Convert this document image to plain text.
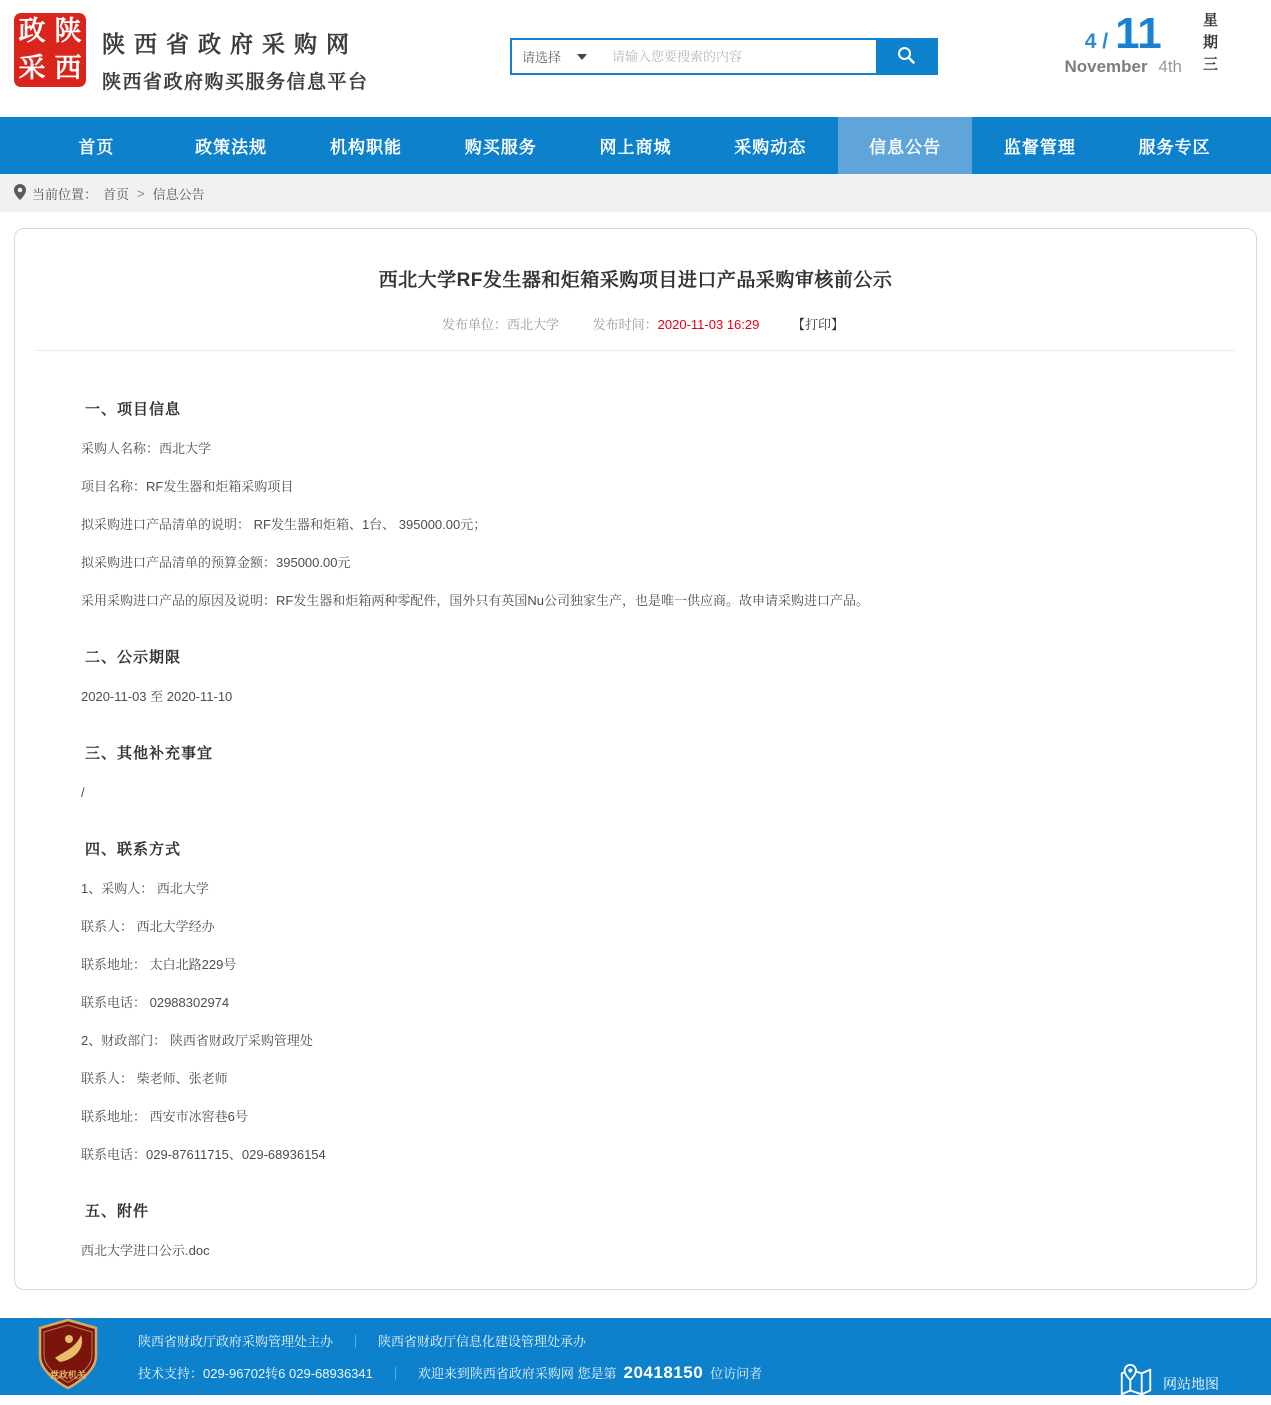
政 陕
采 西
陕西省政府采购网
陕西省政府购买服务信息平台
请选择
请输入您要搜索的内容
4 / 11
November 4th 星期三
首页	政策法规	机构职能	购买服务	网上商城	采购动态	信息公告	监督管理	服务专区
当前位置： 首页 > 信息公告
西北大学RF发生器和炬箱采购项目进口产品采购审核前公示
发布单位：西北大学	发布时间：2020-11-03 16:29	【打印】
一、项目信息

采购人名称：西北大学

项目名称：RF发生器和炬箱采购项目

拟采购进口产品清单的说明： RF发生器和炬箱、1台、 395000.00元；

拟采购进口产品清单的预算金额：395000.00元

采用采购进口产品的原因及说明：RF发生器和炬箱两种零配件，国外只有英国Nu公司独家生产，也是唯一供应商。故申请采购进口产品。

二、公示期限

2020-11-03 至 2020-11-10

三、其他补充事宜

/

四、联系方式

1、采购人： 西北大学

联系人： 西北大学经办

联系地址： 太白北路229号

联系电话： 02988302974

2、财政部门： 陕西省财政厅采购管理处

联系人： 柴老师、张老师

联系地址： 西安市冰窖巷6号

联系电话：029-87611715、029-68936154

五、附件

西北大学进口公示.doc

党政机关
陕西省财政厅政府采购管理处主办 ｜ 陕西省财政厅信息化建设管理处承办
技术支持：029-96702转6 029-68936341 ｜ 欢迎来到陕西省政府采购网 您是第 20418150 位访问者
网站地图
